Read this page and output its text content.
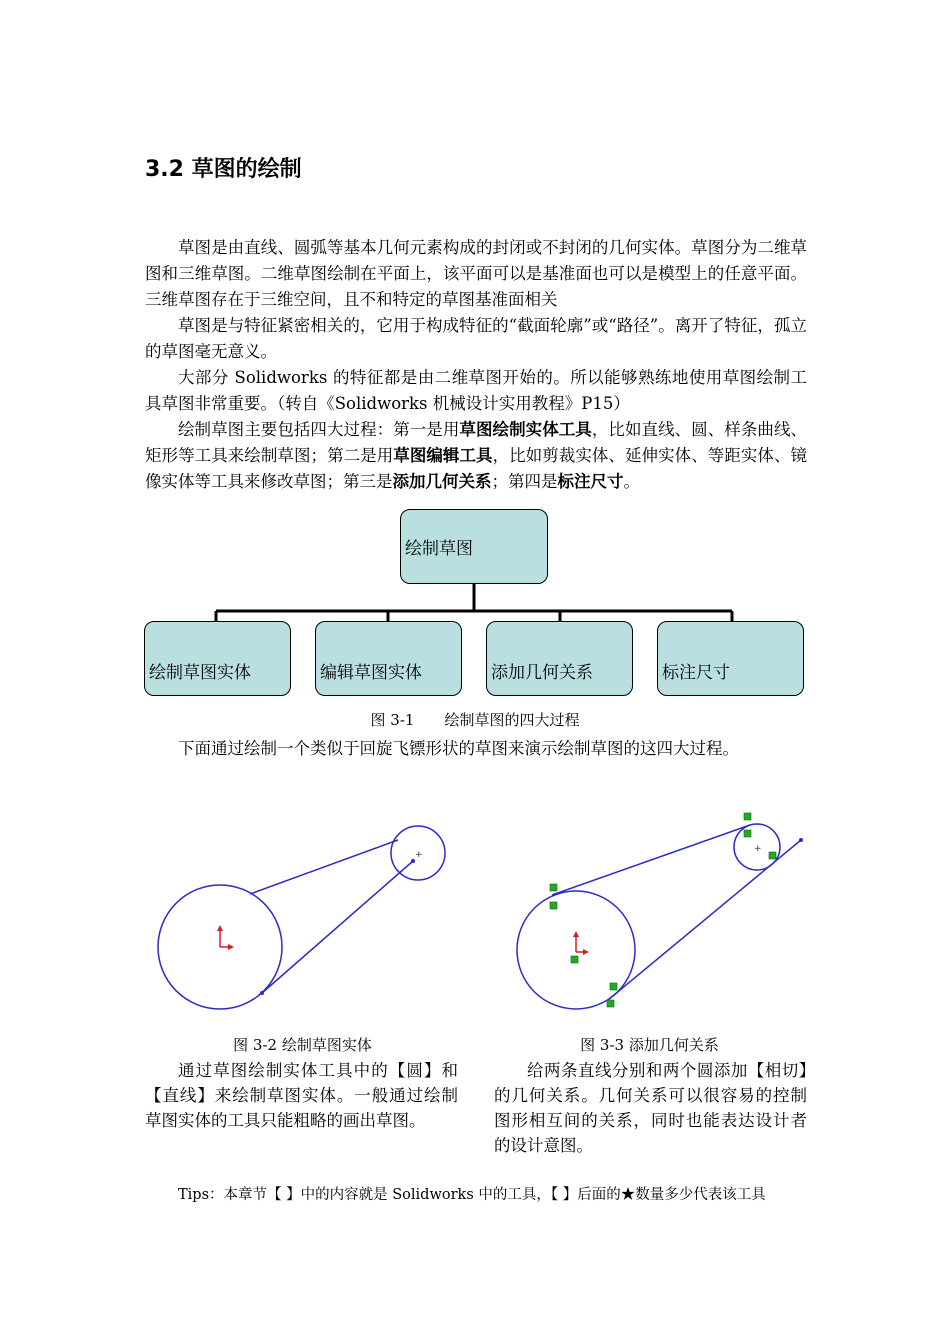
3.2 草图的绘制

草图是由直线、圆弧等基本几何元素构成的封闭或不封闭的几何实体。草图分为二维草图和三维草图。二维草图绘制在平面上，该平面可以是基准面也可以是模型上的任意平面。三维草图存在于三维空间，且不和特定的草图基准面相关

草图是与特征紧密相关的，它用于构成特征的“截面轮廓”或“路径”。离开了特征，孤立的草图毫无意义。

大部分 Solidworks 的特征都是由二维草图开始的。所以能够熟练地使用草图绘制工具草图非常重要。（转自《Solidworks 机械设计实用教程》P15）

绘制草图主要包括四大过程：第一是用草图绘制实体工具，比如直线、圆、样条曲线、矩形等工具来绘制草图；第二是用草图编辑工具，比如剪裁实体、延伸实体、等距实体、镜像实体等工具来修改草图；第三是添加几何关系；第四是标注尺寸。

绘制草图
绘制草图实体	编辑草图实体	添加几何关系	标注尺寸
图 3-1　　绘制草图的四大过程

下面通过绘制一个类似于回旋飞镖形状的草图来演示绘制草图的这四大过程。

+
+
图 3-2 绘制草图实体	图 3-3 添加几何关系

通过草图绘制实体工具中的【圆】和【直线】来绘制草图实体。一般通过绘制草图实体的工具只能粗略的画出草图。

给两条直线分别和两个圆添加【相切】的几何关系。几何关系可以很容易的控制图形相互间的关系，同时也能表达设计者的设计意图。

Tips：本章节【 】中的内容就是 Solidworks 中的工具，【 】后面的★数量多少代表该工具
